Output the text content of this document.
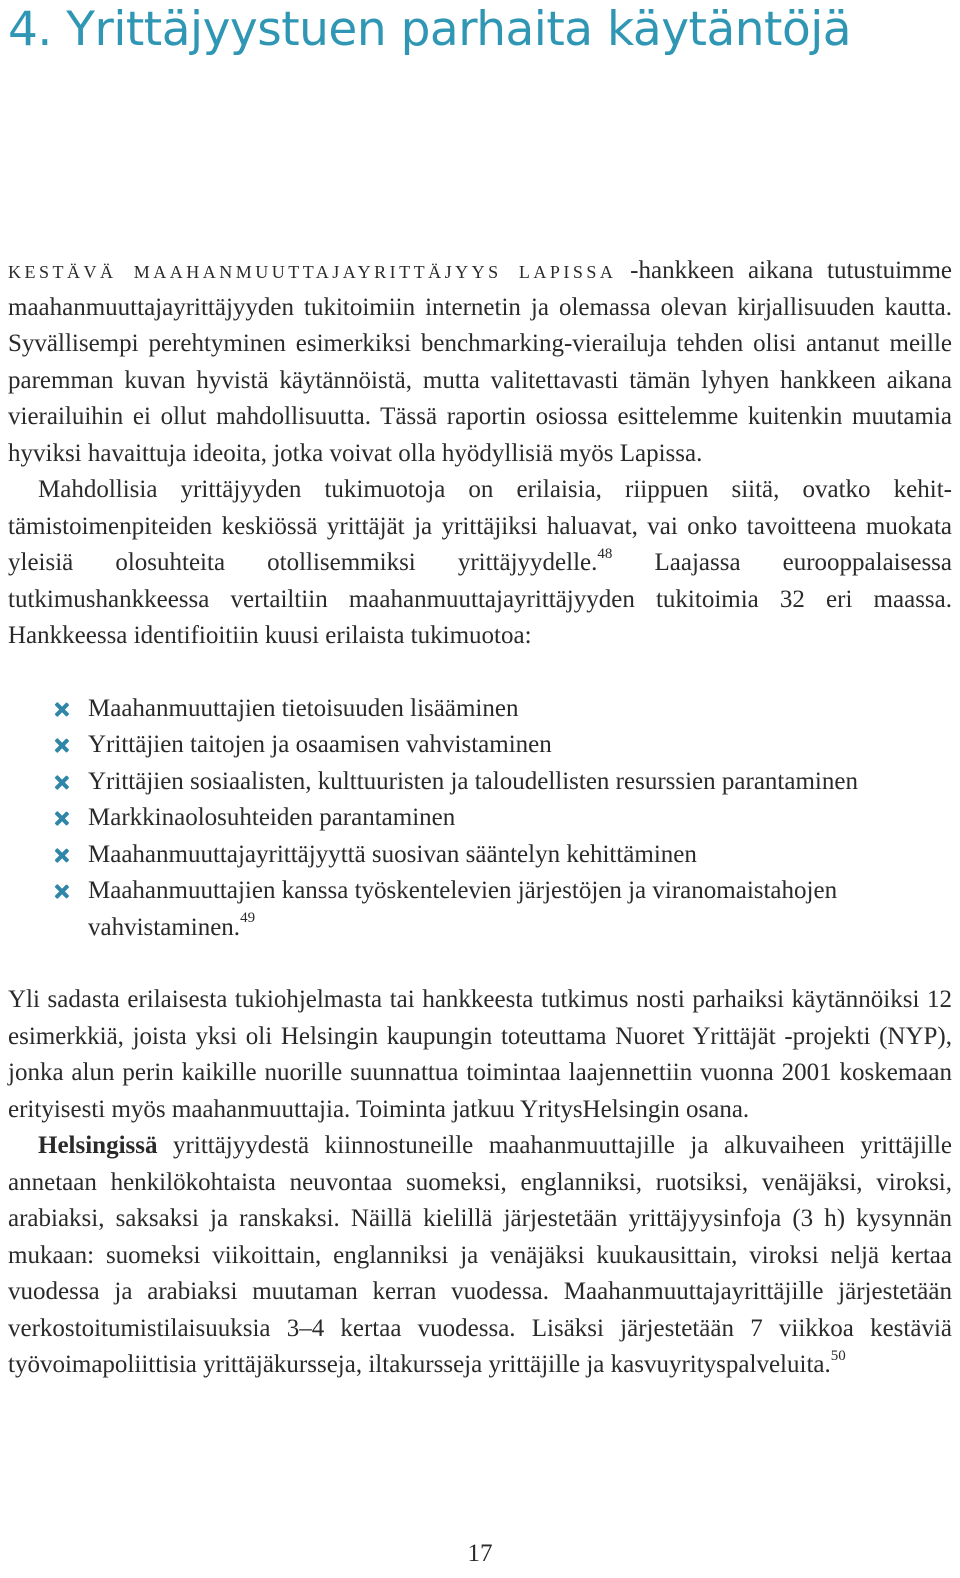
4. Yrittäjyystuen parhaita käytäntöjä

kestävä maahanmuuttajayrittäjyys lapissa -hankkeen aikana tutustuimme maahanmuuttajayrittäjyyden tukitoimiin internetin ja olemassa olevan kirjallisuuden kautta. Syvällisempi perehtyminen esimerkiksi benchmarking-vierailuja tehden olisi antanut meille paremman kuvan hyvistä käytännöistä, mutta valitettavasti tämän lyhyen hankkeen aikana vierailuihin ei ollut mahdollisuutta. Tässä raportin osiossa esittelemme kuitenkin muutamia hyviksi havaittuja ideoita, jotka voivat olla hyödyllisiä myös Lapissa.

Mahdollisia yrittäjyyden tukimuotoja on erilaisia, riippuen siitä, ovatko kehittämistoimenpiteiden keskiössä yrittäjät ja yrittäjiksi haluavat, vai onko tavoitteena muokata yleisiä olosuhteita otollisemmiksi yrittäjyydelle.$^{48}$ Laajassa eurooppalaisessa tutkimushankkeessa vertailtiin maahanmuuttajayrittäjyyden tukitoimia 32 eri maassa. Hankkeessa identifioitiin kuusi erilaista tukimuotoa:

Maahanmuuttajien tietoisuuden lisääminen
Yrittäjien taitojen ja osaamisen vahvistaminen
Yrittäjien sosiaalisten, kulttuuristen ja taloudellisten resurssien parantaminen
Markkinaolosuhteiden parantaminen
Maahanmuuttajayrittäjyyttä suosivan sääntelyn kehittäminen
Maahanmuuttajien kanssa työskentelevien järjestöjen ja viranomaistahojen vahvistaminen.$^{49}$

Yli sadasta erilaisesta tukiohjelmasta tai hankkeesta tutkimus nosti parhaiksi käytännöiksi 12 esimerkkiä, joista yksi oli Helsingin kaupungin toteuttama Nuoret Yrittäjät -projekti (NYP), jonka alun perin kaikille nuorille suunnattua toimintaa laajennettiin vuonna 2001 koskemaan erityisesti myös maahanmuuttajia. Toiminta jatkuu YritysHelsingin osana.

Helsingissä yrittäjyydestä kiinnostuneille maahanmuuttajille ja alkuvaiheen yrittäjille annetaan henkilökohtaista neuvontaa suomeksi, englanniksi, ruotsiksi, venäjäksi, viroksi, arabiaksi, saksaksi ja ranskaksi. Näillä kielillä järjestetään yrittäjyysinfoja (3 h) kysynnän mukaan: suomeksi viikoittain, englanniksi ja venäjäksi kuukausittain, viroksi neljä kertaa vuodessa ja arabiaksi muutaman kerran vuodessa. Maahanmuuttajayrittäjille järjestetään verkostoitumistilaisuuksia 3–4 kertaa vuodessa. Lisäksi järjestetään 7 viikkoa kestäviä työvoimapoliittisia yrittäjäkursseja, iltakursseja yrittäjille ja kasvuyrityspalveluita.$^{50}$

17
